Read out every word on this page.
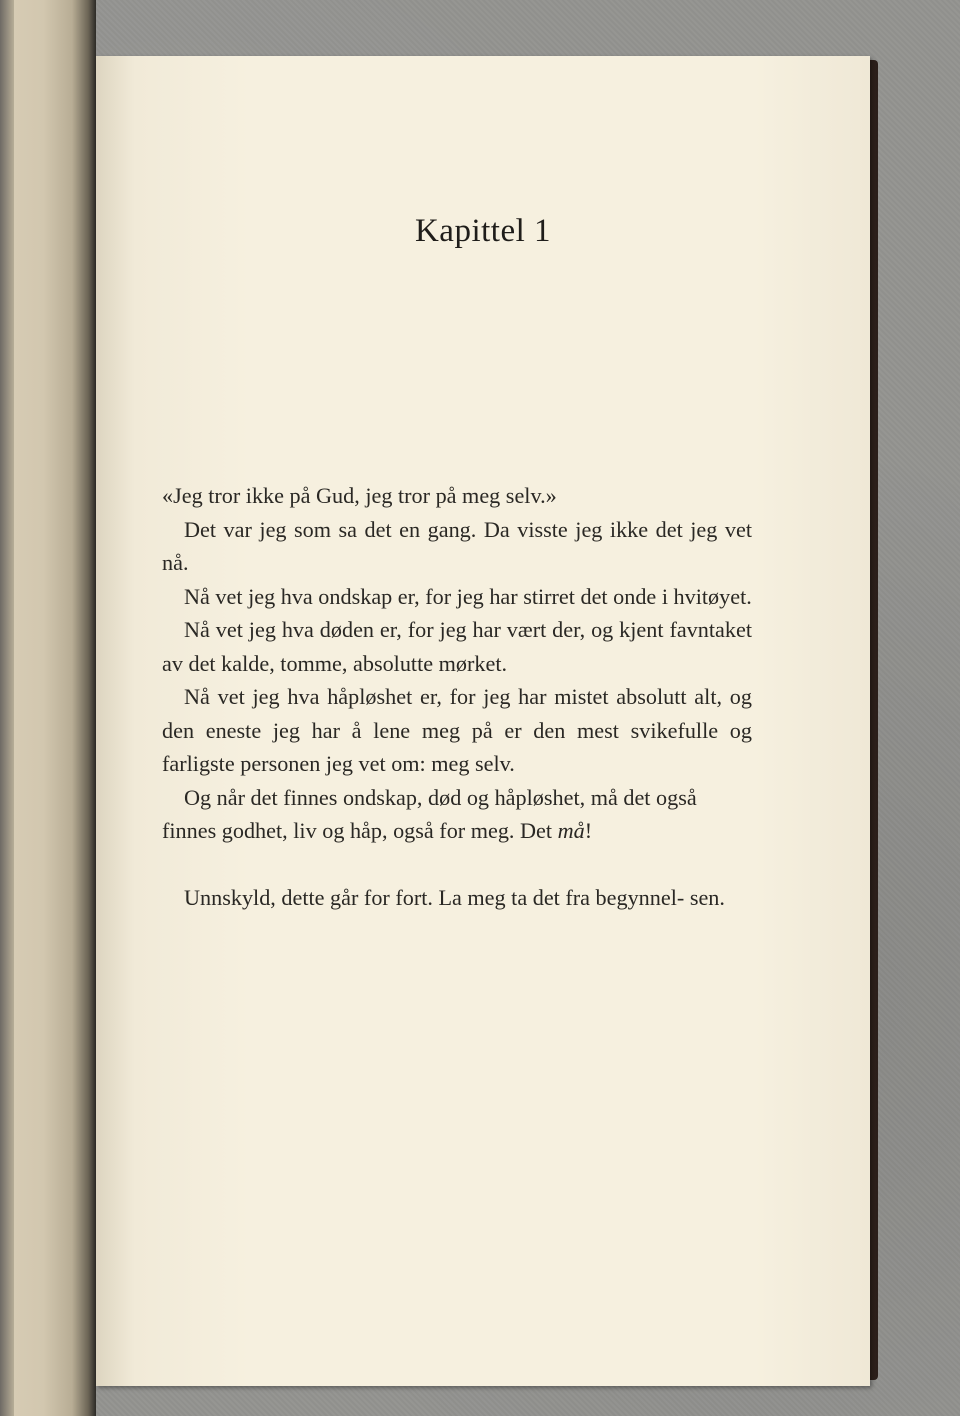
Kapittel 1

«Jeg tror ikke på Gud, jeg tror på meg selv.»

Det var jeg som sa det en gang. Da visste jeg ikke det jeg vet nå.

Nå vet jeg hva ondskap er, for jeg har stirret det onde i hvitøyet.

Nå vet jeg hva døden er, for jeg har vært der, og kjent favntaket av det kalde, tomme, absolutte mørket.

Nå vet jeg hva håpløshet er, for jeg har mistet absolutt alt, og den eneste jeg har å lene meg på er den mest svikefulle og farligste personen jeg vet om: meg selv.

Og når det finnes ondskap, død og håpløshet, må det også finnes godhet, liv og håp, også for meg. Det må!

Unnskyld, dette går for fort. La meg ta det fra begynnel- sen.
